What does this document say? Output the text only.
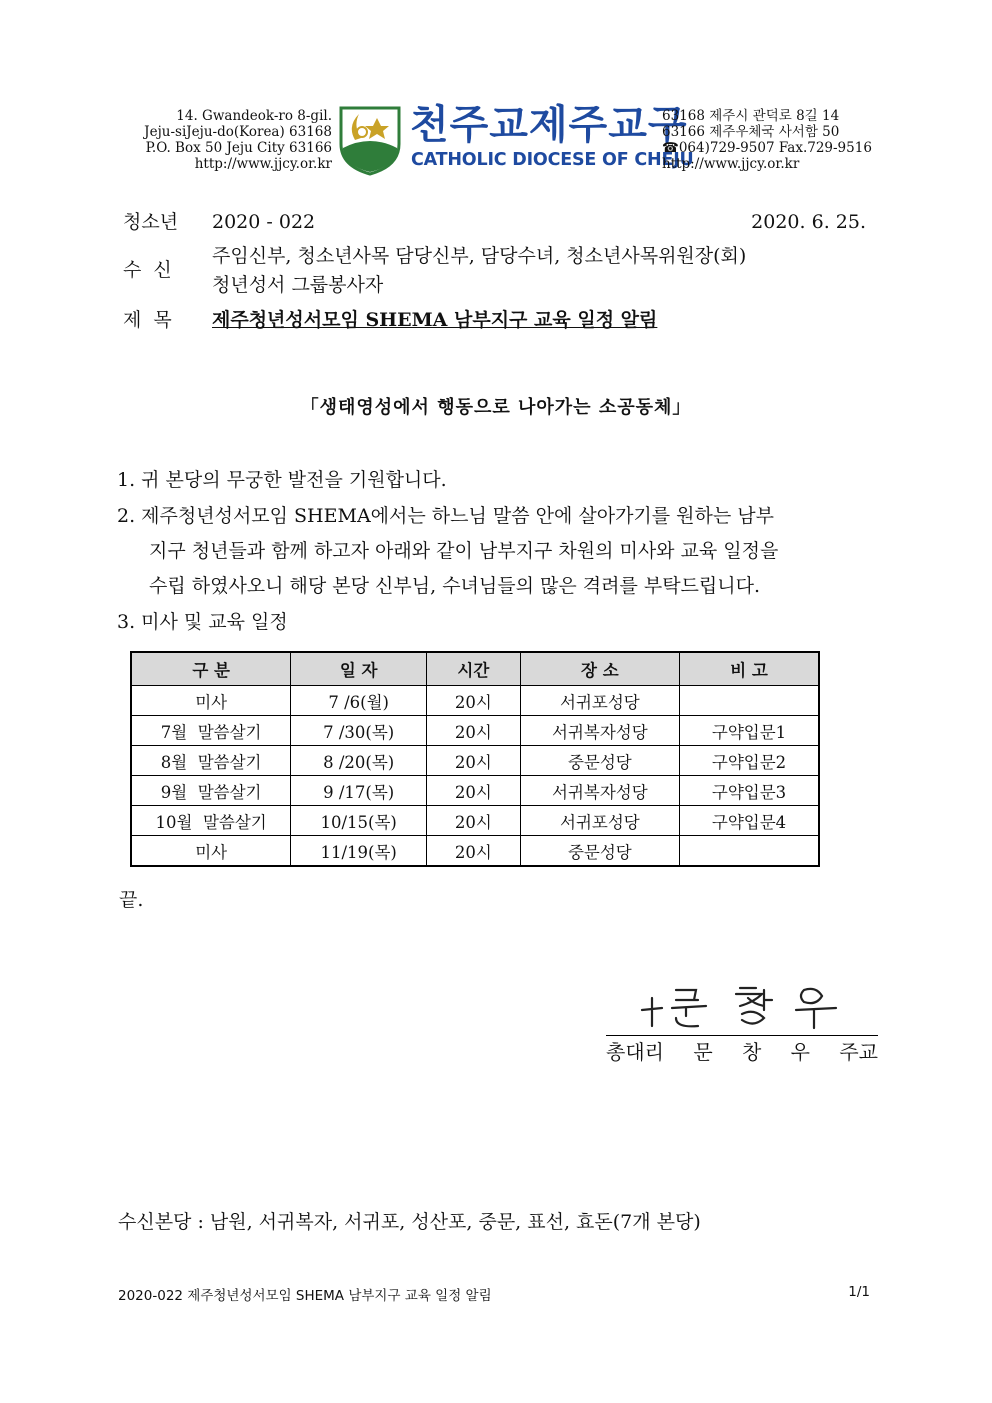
14. Gwandeok-ro 8-gil.
Jeju-siJeju-do(Korea) 63168
P.O. Box 50 Jeju City 63166
http://www.jjcy.or.kr
천주교제주교구
CATHOLIC DIOCESE OF CHEJU
63168 제주시 관덕로 8길 14
63166 제주우체국 사서함 50
☎064)729-9507 Fax.729-9516
http://www.jjcy.or.kr
청소년 2020 - 022	2020. 6. 25.
수  신
주임신부, 청소년사목 담당신부, 담당수녀, 청소년사목위원장(회)
청년성서 그룹봉사자
제  목 제주청년성서모임 SHEMA 남부지구 교육 일정 알림
「생태영성에서 행동으로 나아가는 소공동체」
1. 귀 본당의 무궁한 발전을 기원합니다.
2. 제주청년성서모임 SHEMA에서는 하느님 말씀 안에 살아가기를 원하는 남부
지구 청년들과 함께 하고자 아래와 같이 남부지구 차원의 미사와 교육 일정을
수립 하였사오니 해당 본당 신부님, 수녀님들의 많은 격려를 부탁드립니다.
3. 미사 및 교육 일정
구 분	일 자	시간	장 소	비 고
미사	7 /6(월)	20시	서귀포성당	
7월  말씀살기	7 /30(목)	20시	서귀복자성당	구약입문1
8월  말씀살기	8 /20(목)	20시	중문성당	구약입문2
9월  말씀살기	9 /17(목)	20시	서귀복자성당	구약입문3
10월  말씀살기	10/15(목)	20시	서귀포성당	구약입문4
미사	11/19(목)	20시	중문성당	
끝.
총대리 문 창 우 주교
수신본당 : 남원, 서귀복자, 서귀포, 성산포, 중문, 표선, 효돈(7개 본당)
2020-022 제주청년성서모임 SHEMA 남부지구 교육 일정 알림	1/1
